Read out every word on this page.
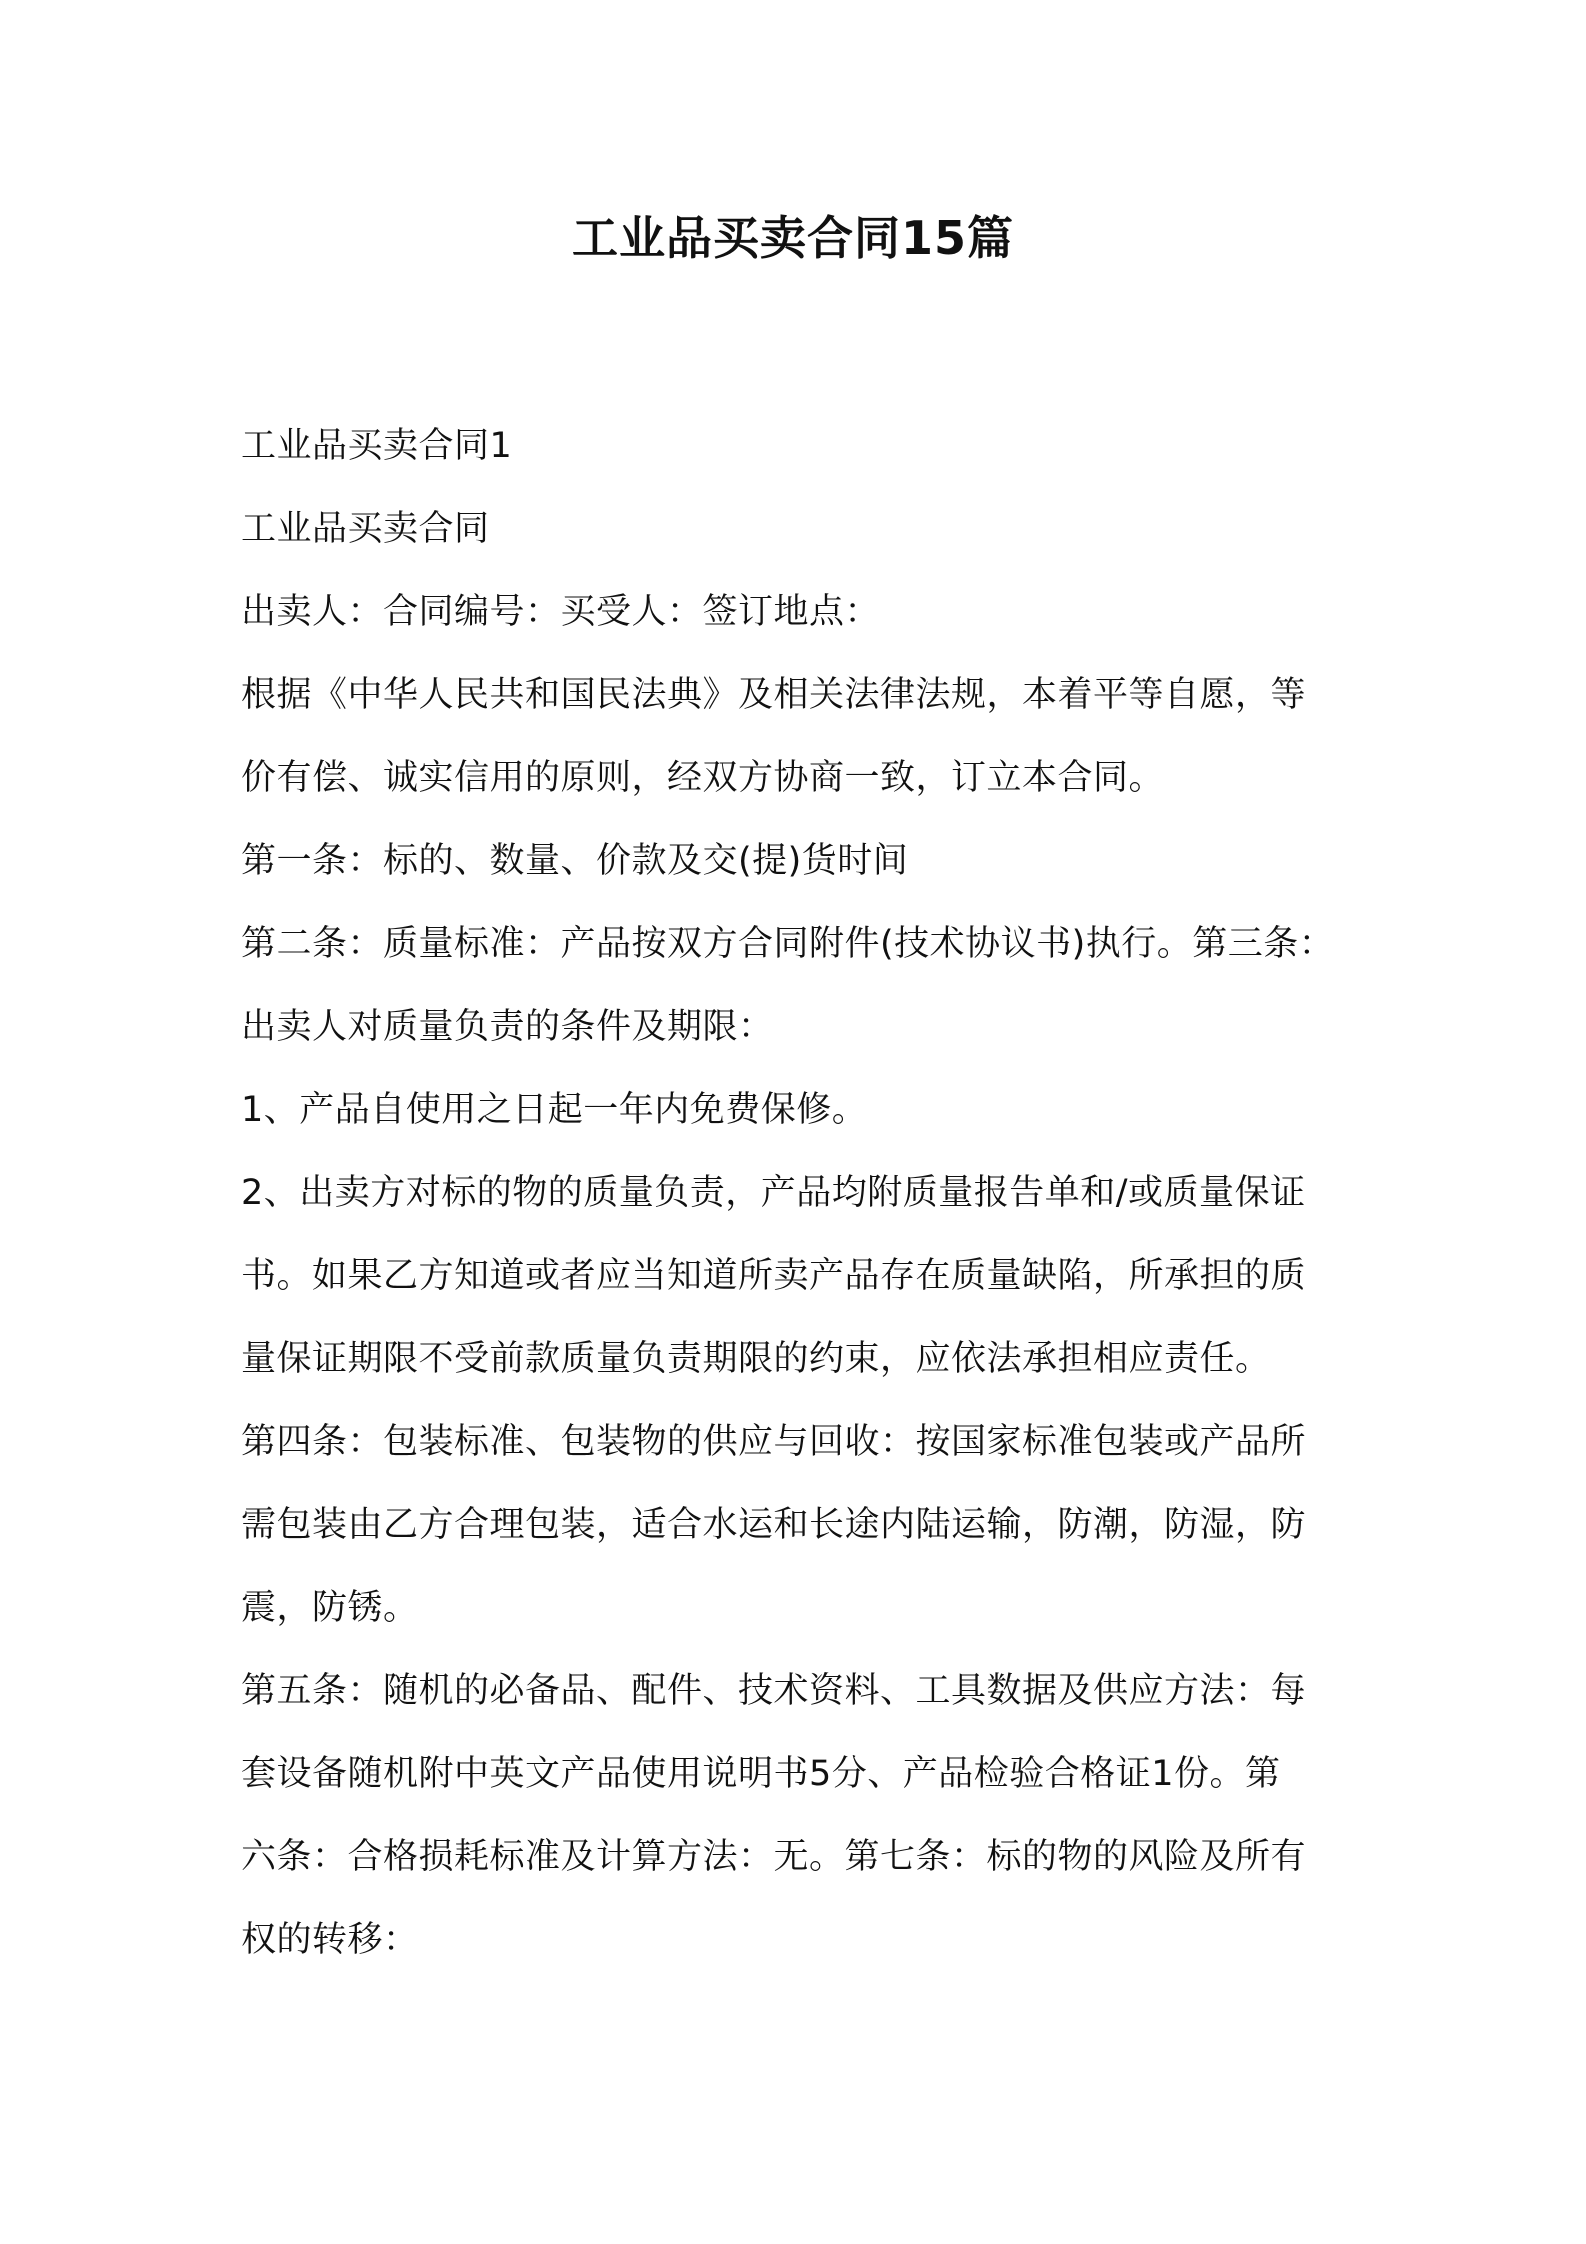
工业品买卖合同15篇

工业品买卖合同1

工业品买卖合同

出卖人：合同编号：买受人：签订地点：

根据《中华人民共和国民法典》及相关法律法规，本着平等自愿，等

价有偿、诚实信用的原则，经双方协商一致，订立本合同。

第一条：标的、数量、价款及交(提)货时间

第二条：质量标准：产品按双方合同附件(技术协议书)执行。第三条：

出卖人对质量负责的条件及期限：

1、产品自使用之日起一年内免费保修。

2、出卖方对标的物的质量负责，产品均附质量报告单和/或质量保证

书。如果乙方知道或者应当知道所卖产品存在质量缺陷，所承担的质

量保证期限不受前款质量负责期限的约束，应依法承担相应责任。

第四条：包装标准、包装物的供应与回收：按国家标准包装或产品所

需包装由乙方合理包装，适合水运和长途内陆运输，防潮，防湿，防

震，防锈。

第五条：随机的必备品、配件、技术资料、工具数据及供应方法：每

套设备随机附中英文产品使用说明书5分、产品检验合格证1份。第

六条：合格损耗标准及计算方法：无。第七条：标的物的风险及所有

权的转移：
